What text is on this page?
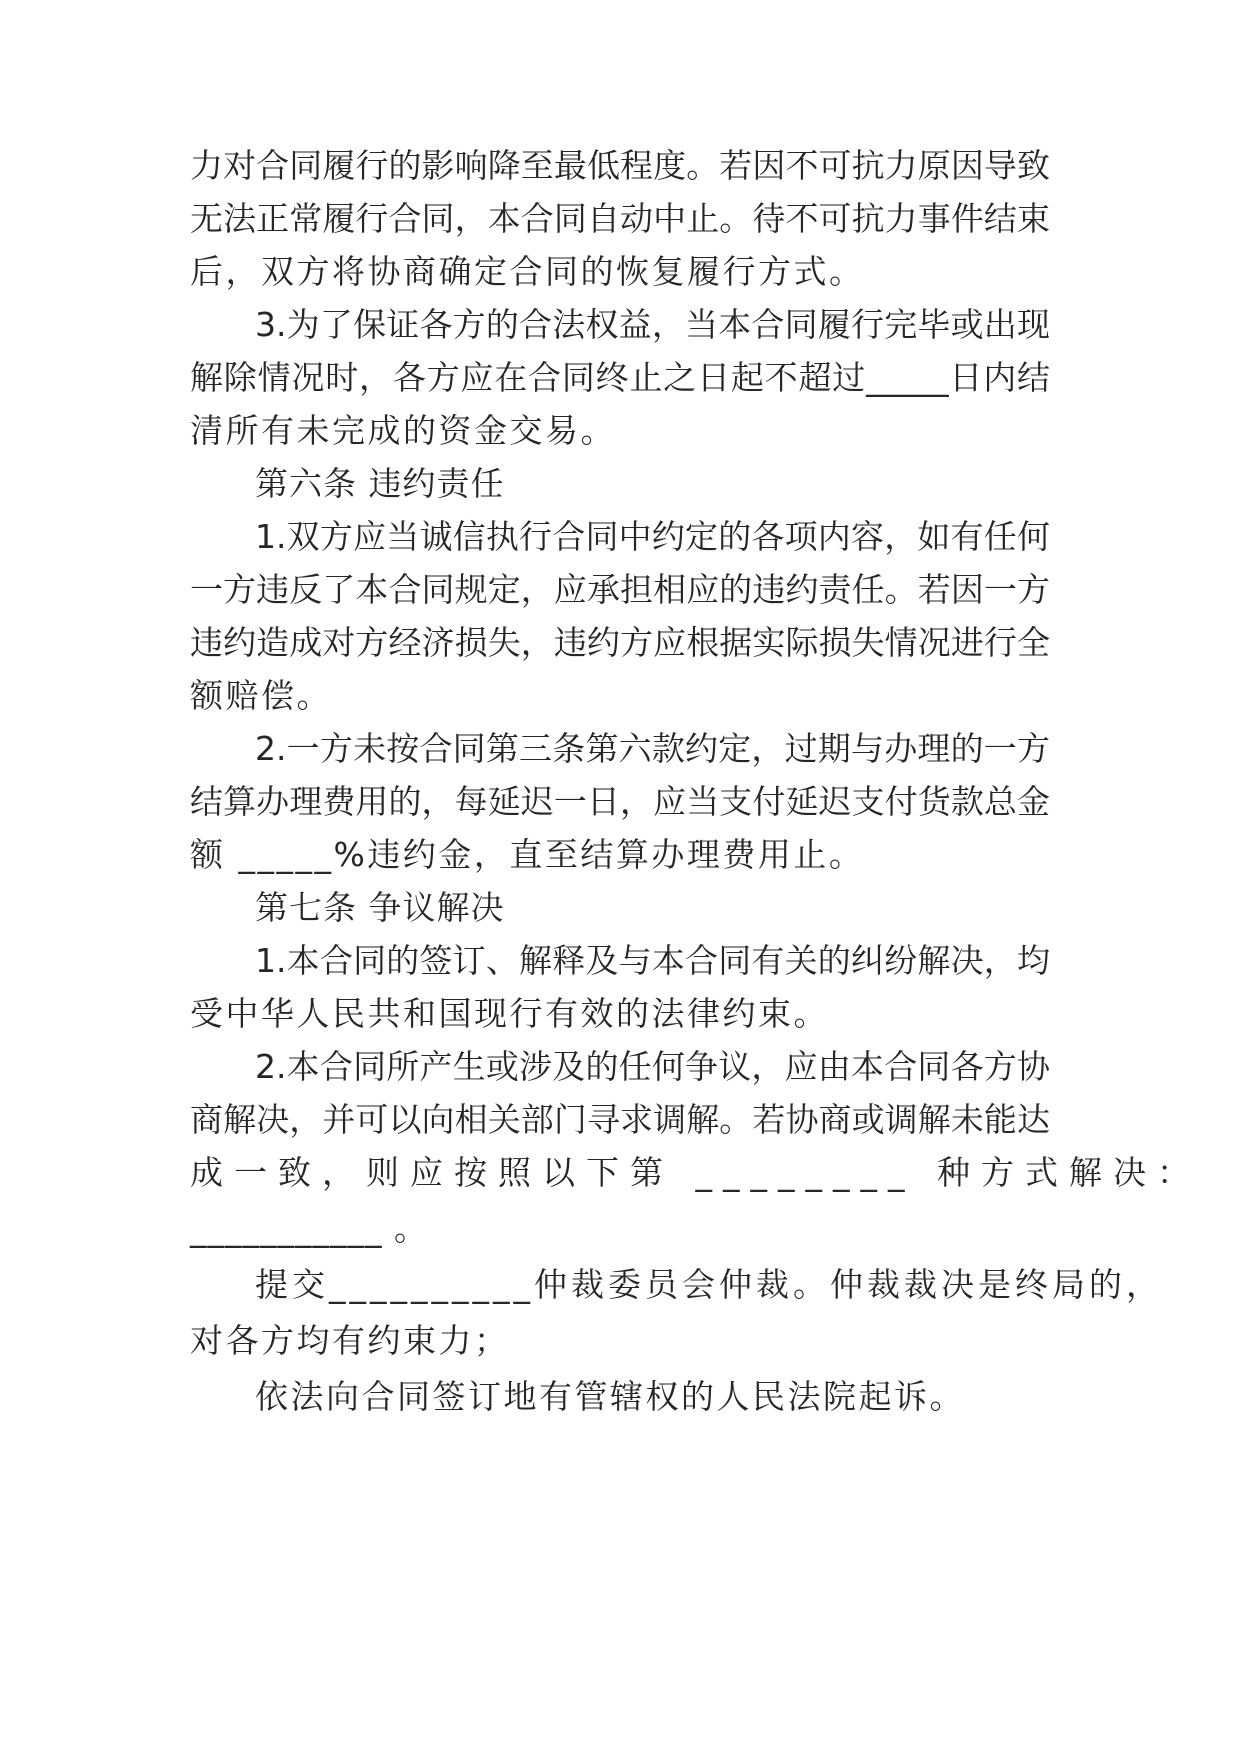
力对合同履行的影响降至最低程度。若因不可抗力原因导致
无法正常履行合同，本合同自动中止。待不可抗力事件结束
后，双方将协商确定合同的恢复履行方式。
3.为了保证各方的合法权益，当本合同履行完毕或出现
解除情况时，各方应在合同终止之日起不超过_____日内结
清所有未完成的资金交易。
第六条 违约责任
1.双方应当诚信执行合同中约定的各项内容，如有任何
一方违反了本合同规定，应承担相应的违约责任。若因一方
违约造成对方经济损失，违约方应根据实际损失情况进行全
额赔偿。
2.一方未按合同第三条第六款约定，过期与办理的一方
结算办理费用的，每延迟一日，应当支付延迟支付货款总金
额 _____%违约金，直至结算办理费用止。
第七条 争议解决
1.本合同的签订、解释及与本合同有关的纠纷解决，均
受中华人民共和国现行有效的法律约束。
2.本合同所产生或涉及的任何争议，应由本合同各方协
商解决，并可以向相关部门寻求调解。若协商或调解未能达
成一致，则应按照以下第 ________ 种方式解决：
___________ 。
提交__________仲裁委员会仲裁。仲裁裁决是终局的，
对各方均有约束力；
依法向合同签订地有管辖权的人民法院起诉。
